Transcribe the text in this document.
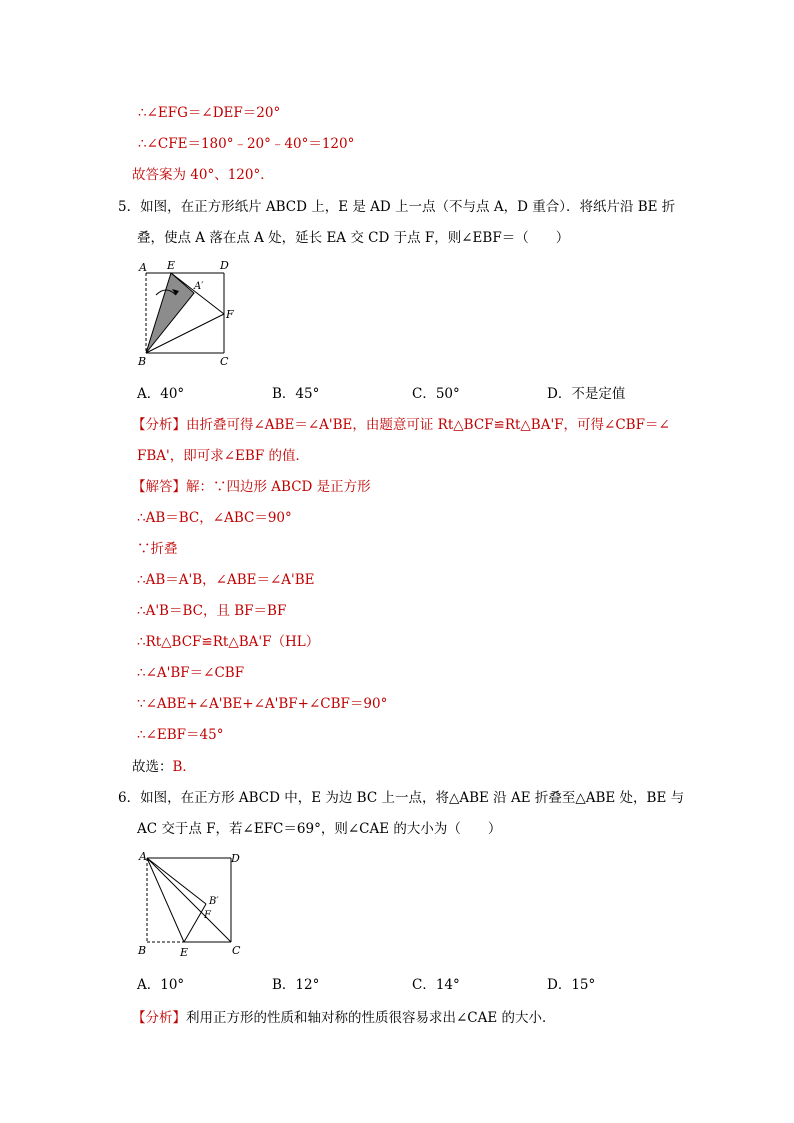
∴∠EFG＝∠DEF＝20°
∴∠CFE＝180°﹣20°﹣40°＝120°
故答案为 40°、120°．
5．如图，在正方形纸片 ABCD 上，E 是 AD 上一点（不与点 A，D 重合）．将纸片沿 BE 折
叠，使点 A 落在点 A 处，延长 EA 交 CD 于点 F，则∠EBF＝（　　）
A E	D
A′
F
B	C
A．40°	B．45°	C．50°	D．不是定值
【分析】由折叠可得∠ABE＝∠A'BE，由题意可证 Rt△BCF≌Rt△BA'F，可得∠CBF＝∠
FBA'，即可求∠EBF 的值．
【解答】解：∵四边形 ABCD 是正方形
∴AB＝BC，∠ABC＝90°
∵折叠
∴AB＝A'B，∠ABE＝∠A'BE
∴A'B＝BC，且 BF＝BF
∴Rt△BCF≌Rt△BA'F（HL）
∴∠A'BF＝∠CBF
∵∠ABE+∠A'BE+∠A'BF+∠CBF＝90°
∴∠EBF＝45°
故选：B．
6．如图，在正方形 ABCD 中，E 为边 BC 上一点，将△ABE 沿 AE 折叠至△ABE 处，BE 与
AC 交于点 F，若∠EFC＝69°，则∠CAE 的大小为（　　）
A	D
B′
F
B	E	C
A．10°	B．12°	C．14°	D．15°
【分析】利用正方形的性质和轴对称的性质很容易求出∠CAE 的大小．
